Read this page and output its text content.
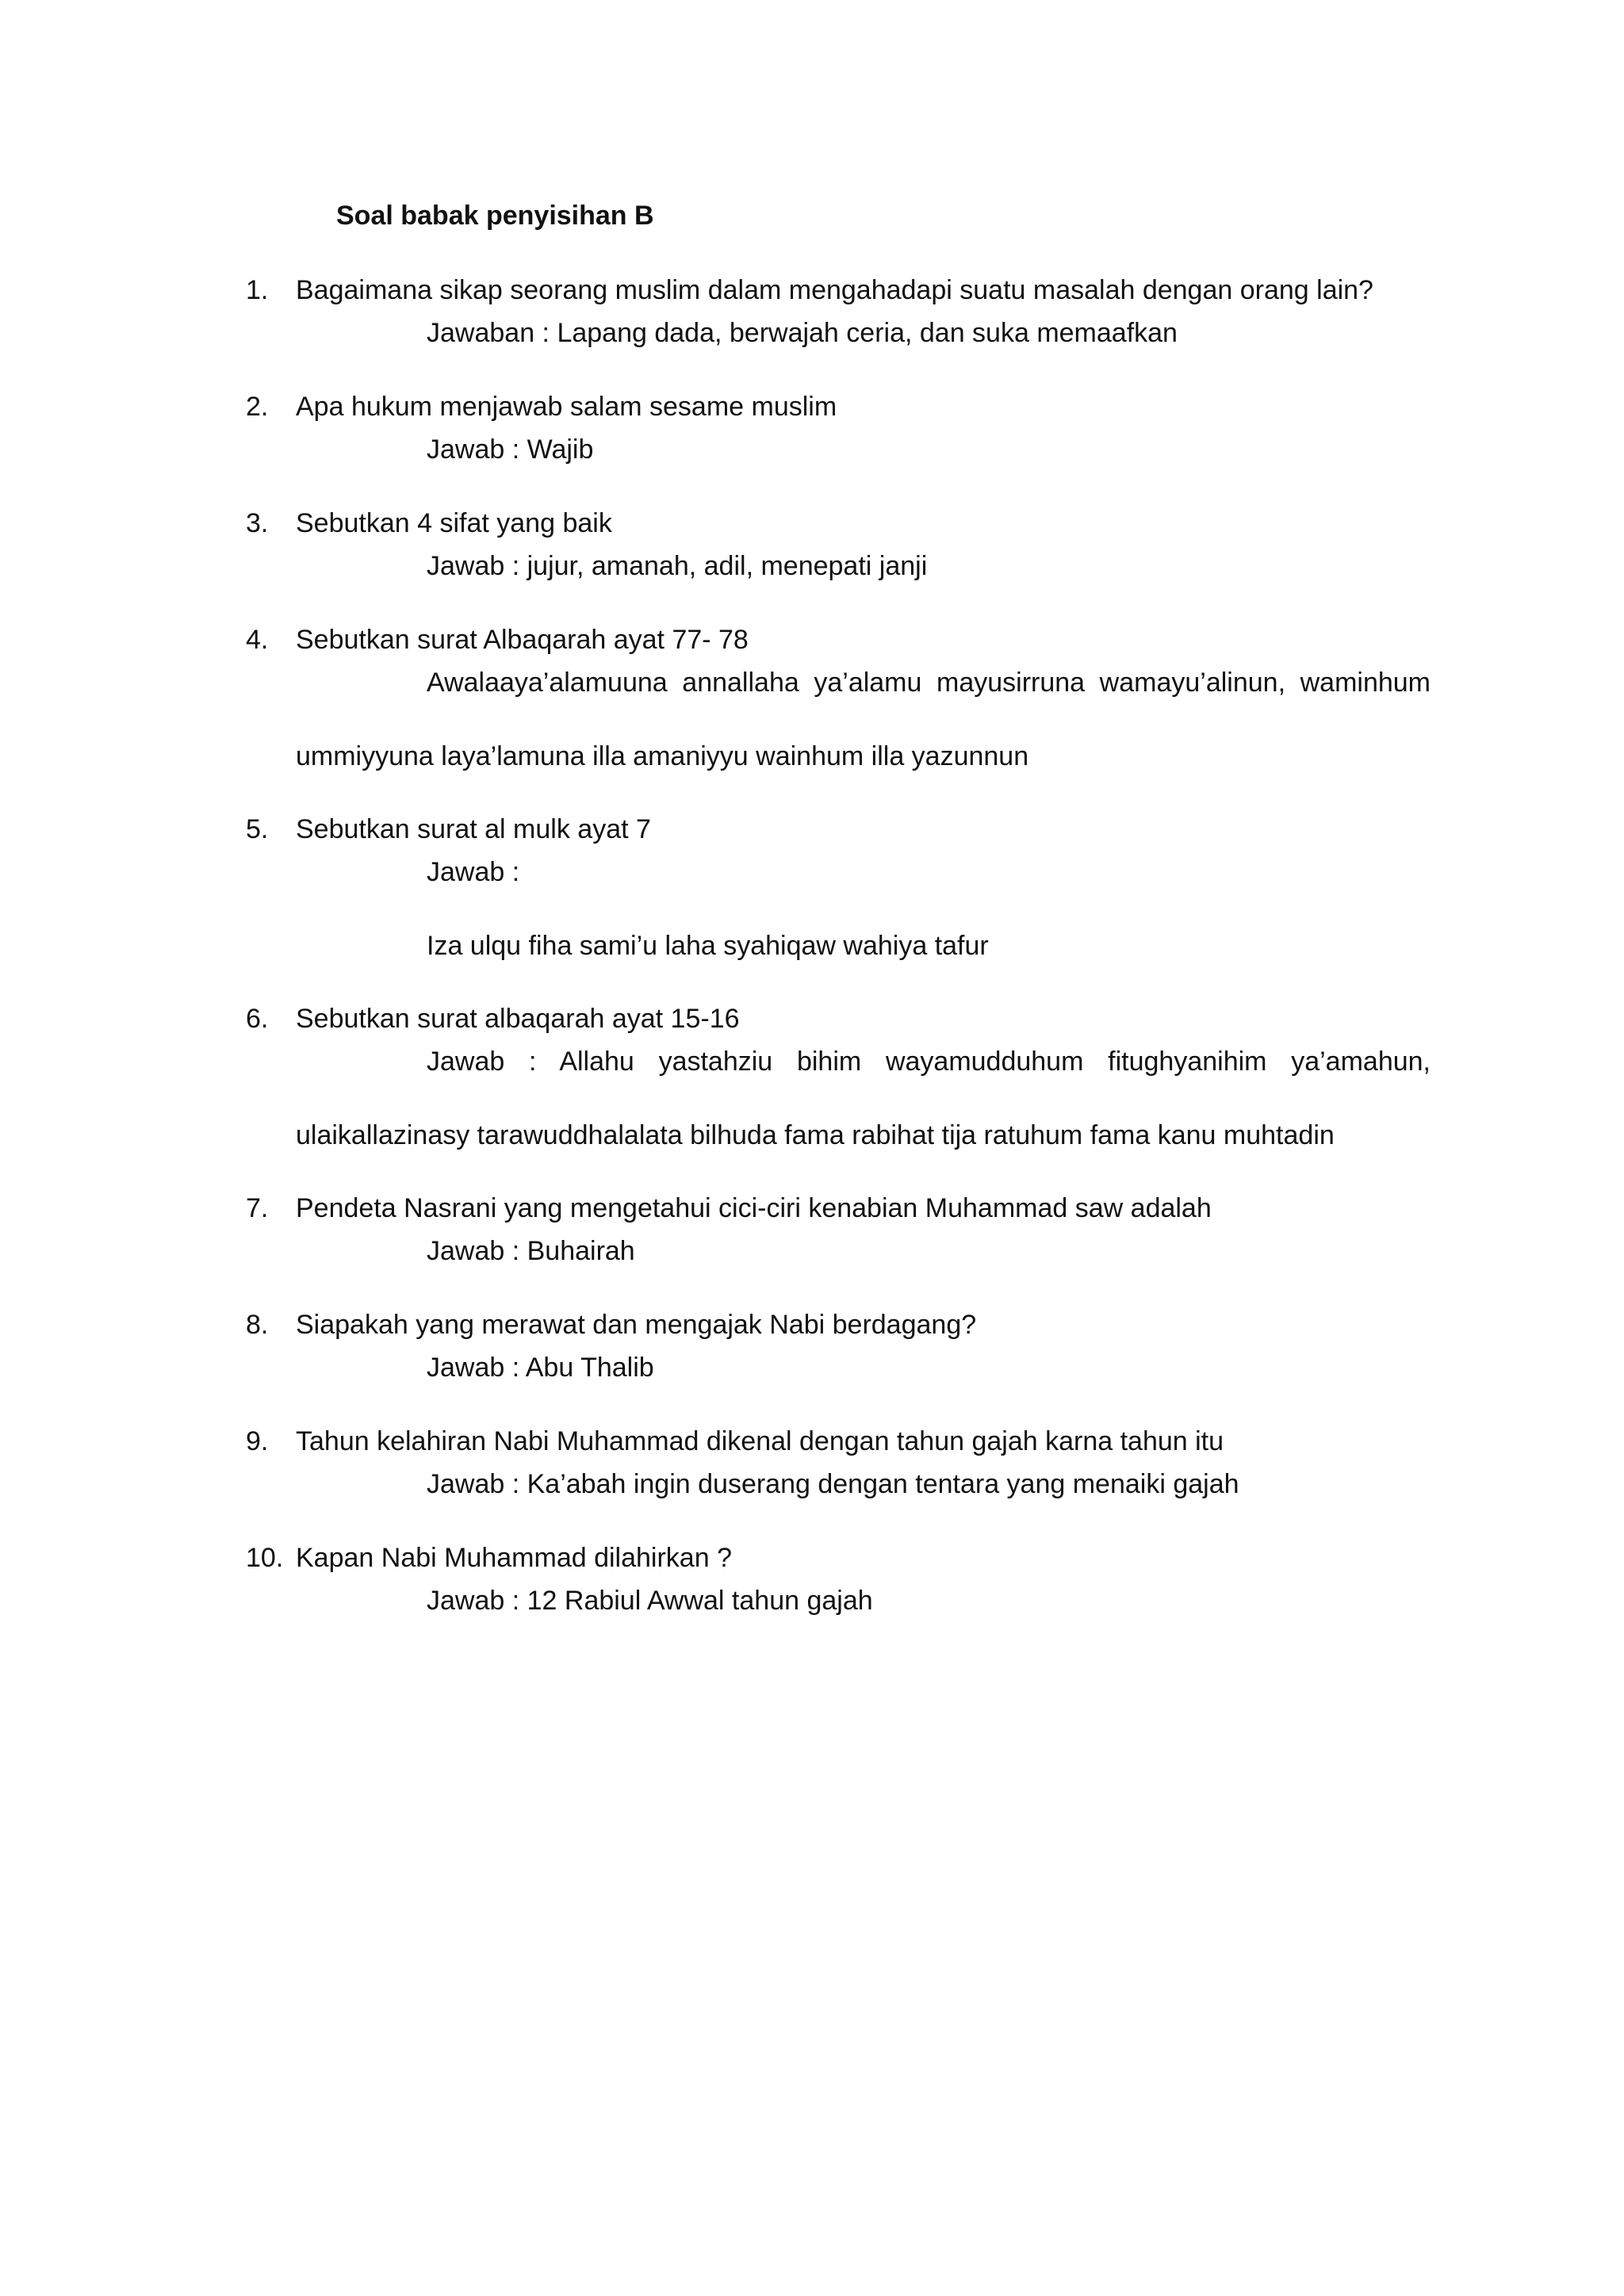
Soal babak penyisihan B
1. Bagaimana sikap seorang muslim dalam mengahadapi suatu masalah dengan orang lain?
Jawaban : Lapang dada, berwajah ceria, dan suka memaafkan
2. Apa hukum menjawab salam sesame muslim
Jawab : Wajib
3. Sebutkan 4 sifat yang baik
Jawab : jujur, amanah, adil, menepati janji
4. Sebutkan surat Albaqarah ayat 77- 78
Awalaaya’alamuuna annallaha ya’alamu mayusirruna wamayu’alinun, waminhum
ummiyyuna laya’lamuna illa amaniyyu wainhum illa yazunnun
5. Sebutkan surat al mulk ayat 7
Jawab :
Iza ulqu fiha sami’u laha syahiqaw wahiya tafur
6. Sebutkan surat albaqarah ayat 15-16
Jawab : Allahu yastahziu bihim wayamudduhum fitughyanihim ya’amahun,
ulaikallazinasy tarawuddhalalata bilhuda fama rabihat tija ratuhum fama kanu muhtadin
7. Pendeta Nasrani yang mengetahui cici-ciri kenabian Muhammad saw adalah
Jawab : Buhairah
8. Siapakah yang merawat dan mengajak Nabi berdagang?
Jawab : Abu Thalib
9. Tahun kelahiran Nabi Muhammad dikenal dengan tahun gajah karna tahun itu
Jawab : Ka’abah ingin duserang dengan tentara yang menaiki gajah
10. Kapan Nabi Muhammad dilahirkan ?
Jawab : 12 Rabiul Awwal tahun gajah
